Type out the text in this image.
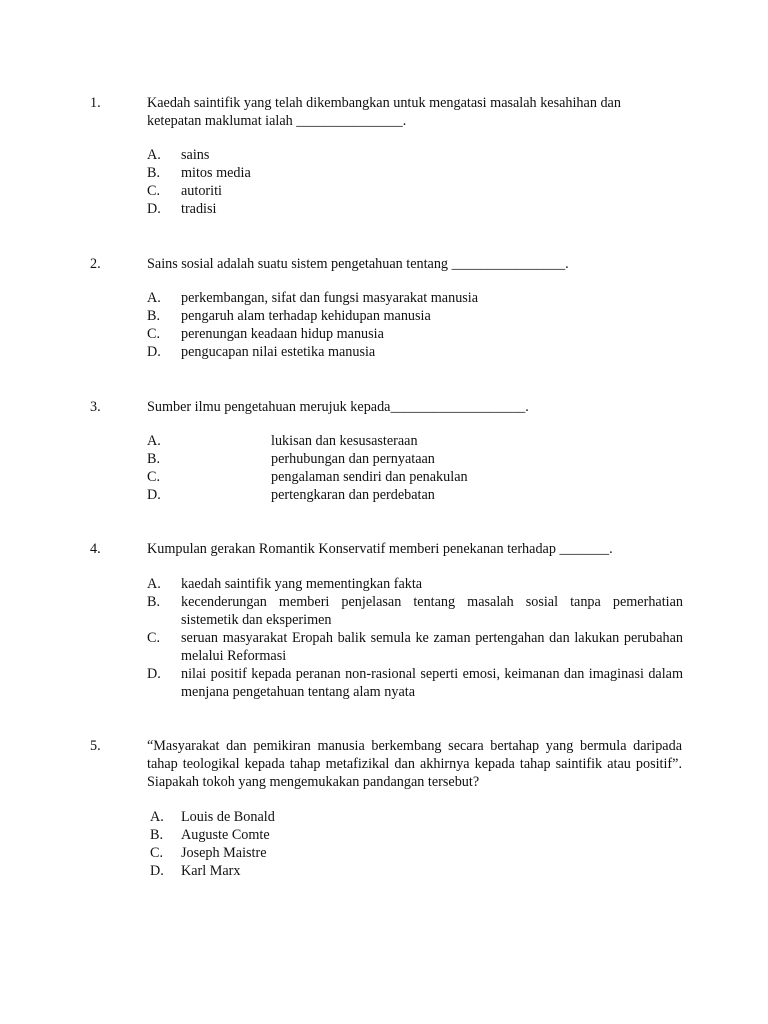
1.	Kaedah saintifik yang telah dikembangkan untuk mengatasi masalah kesahihan dan ketepatan maklumat ialah _______________.
A. sains
B. mitos media
C. autoriti
D. tradisi
2.	Sains sosial adalah suatu sistem pengetahuan tentang ________________.
A. perkembangan, sifat dan fungsi masyarakat manusia
B. pengaruh alam terhadap kehidupan manusia
C. perenungan keadaan hidup manusia
D. pengucapan nilai estetika manusia
3.	Sumber ilmu pengetahuan merujuk kepada___________________.
A.	lukisan dan kesusasteraan
B.	perhubungan dan pernyataan
C.	pengalaman sendiri dan penakulan
D.	pertengkaran dan perdebatan
4.	Kumpulan gerakan Romantik Konservatif memberi penekanan terhadap _______.
A. kaedah saintifik yang mementingkan fakta
B. kecenderungan memberi penjelasan tentang masalah sosial tanpa pemerhatian sistemetik dan eksperimen
C. seruan masyarakat Eropah balik semula ke zaman pertengahan dan lakukan perubahan melalui Reformasi
D. nilai positif kepada peranan non-rasional seperti emosi, keimanan dan imaginasi dalam menjana pengetahuan tentang alam nyata
5.	“Masyarakat dan pemikiran manusia berkembang secara bertahap yang bermula daripada tahap teologikal kepada tahap metafizikal dan akhirnya kepada tahap saintifik atau positif”. Siapakah tokoh yang mengemukakan pandangan tersebut?
A. Louis de Bonald
B. Auguste Comte
C. Joseph Maistre
D. Karl Marx
